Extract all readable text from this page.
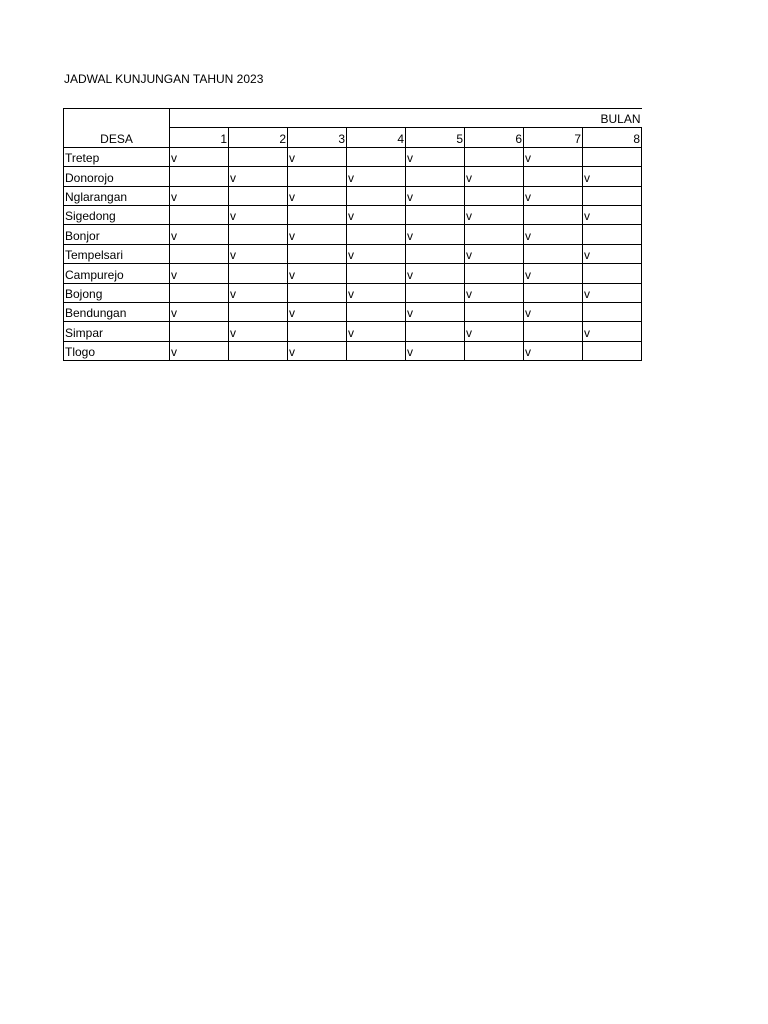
JADWAL KUNJUNGAN TAHUN 2023
DESA	BULAN							
	1	2	3	4	5	6	7	8
Tretep	v		v		v		v	
Donorojo		v		v		v		v
Nglarangan	v		v		v		v	
Sigedong		v		v		v		v
Bonjor	v		v		v		v	
Tempelsari		v		v		v		v
Campurejo	v		v		v		v	
Bojong		v		v		v		v
Bendungan	v		v		v		v	
Simpar		v		v		v		v
Tlogo	v		v		v		v	
